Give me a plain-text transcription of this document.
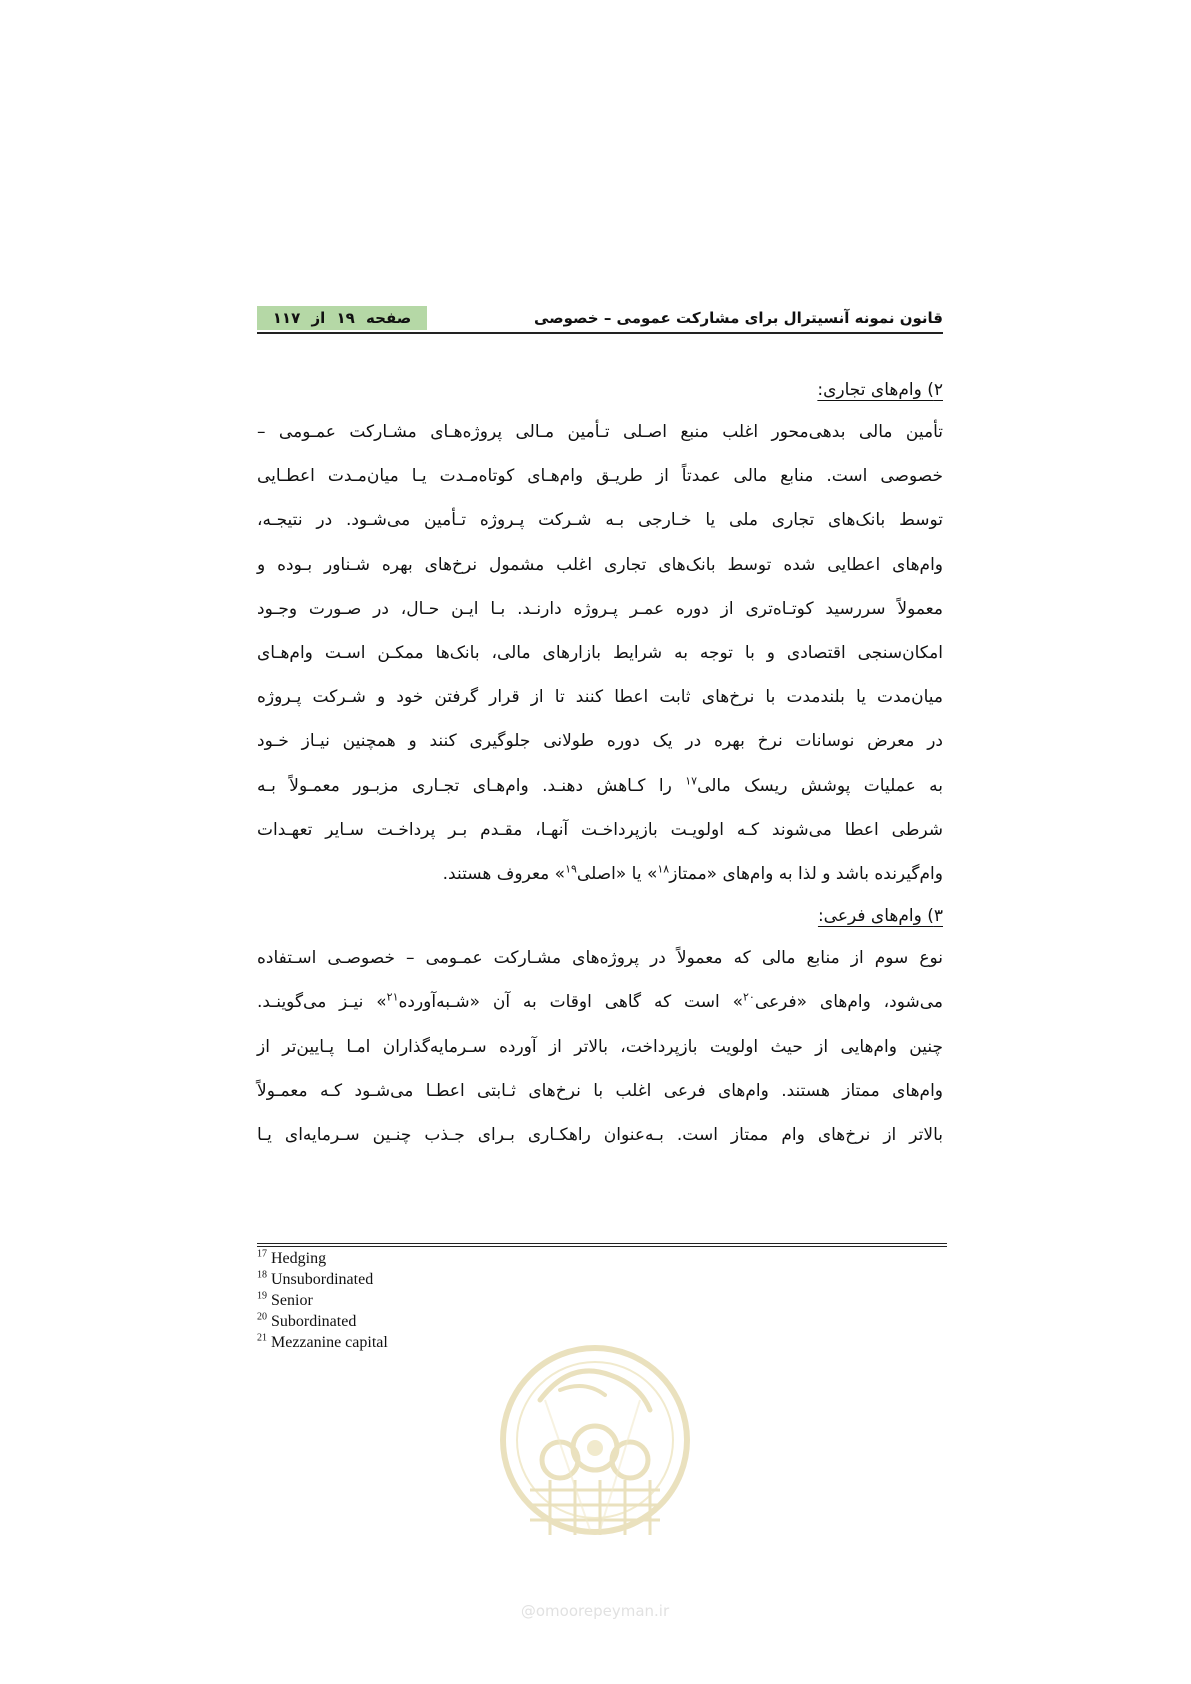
صفحه ۱۹ از ۱۱۷	قانون نمونه آنسیترال برای مشارکت عمومی – خصوصی
۲) وام‌های تجاری:

تأمین مالی بدهی‌محور اغلب منبع اصـلی تـأمین مـالی پروژه‌هـای مشـارکت عمـومی –
خصوصی است. منابع مالی عمدتاً از طریـق وام‌هـای کوتاه‌مـدت یـا میان‌مـدت اعطـایی
توسط بانک‌های تجاری ملی یا خـارجی بـه شـرکت پـروژه تـأمین می‌شـود. در نتیجـه،
وام‌های اعطایی شده توسط بانک‌های تجاری اغلب مشمول نرخ‌های بهره شـناور بـوده و
معمولاً سررسید کوتـاه‌تری از دوره عمـر پـروژه دارنـد. بـا ایـن حـال، در صـورت وجـود
امکان‌سنجی اقتصادی و با توجه به شرایط بازارهای مالی، بانک‌ها ممکـن اسـت وام‌هـای
میان‌مدت یا بلندمدت با نرخ‌های ثابت اعطا کنند تا از قرار گرفتن خود و شـرکت پـروژه
در معرض نوسانات نرخ بهره در یک دوره طولانی جلوگیری کنند و همچنین نیـاز خـود
به عملیات پوشش ریسک مالی$^{۱۷}$ را کـاهش دهنـد. وام‌هـای تجـاری مزبـور معمـولاً بـه
شرطی اعطا می‌شوند کـه اولویـت بازپرداخـت آنهـا، مقـدم بـر پرداخـت سـایر تعهـدات
وام‌گیرنده باشد و لذا به وام‌های «ممتاز$^{۱۸}$» یا «اصلی$^{۱۹}$» معروف هستند.

۳) وام‌های فرعی:

نوع سوم از منابع مالی که معمولاً در پروژه‌های مشـارکت عمـومی – خصوصـی اسـتفاده
می‌شود، وام‌های «فرعی$^{۲۰}$» است که گاهی اوقات به آن «شـبه‌آورده$^{۲۱}$» نیـز می‌گوینـد.
چنین وام‌هایی از حیث اولویت بازپرداخت، بالاتر از آورده سـرمایه‌گذاران امـا پـایین‌تر از
وام‌های ممتاز هستند. وام‌های فرعی اغلب با نرخ‌های ثـابتی اعطـا می‌شـود کـه معمـولاً
بالاتر از نرخ‌های وام ممتاز است. بـه‌عنوان راهکـاری بـرای جـذب چنـین سـرمایه‌ای یـا

$^{17}$ Hedging
$^{18}$ Unsubordinated
$^{19}$ Senior
$^{20}$ Subordinated
$^{21}$ Mezzanine capital
@omoorepeyman.ir
